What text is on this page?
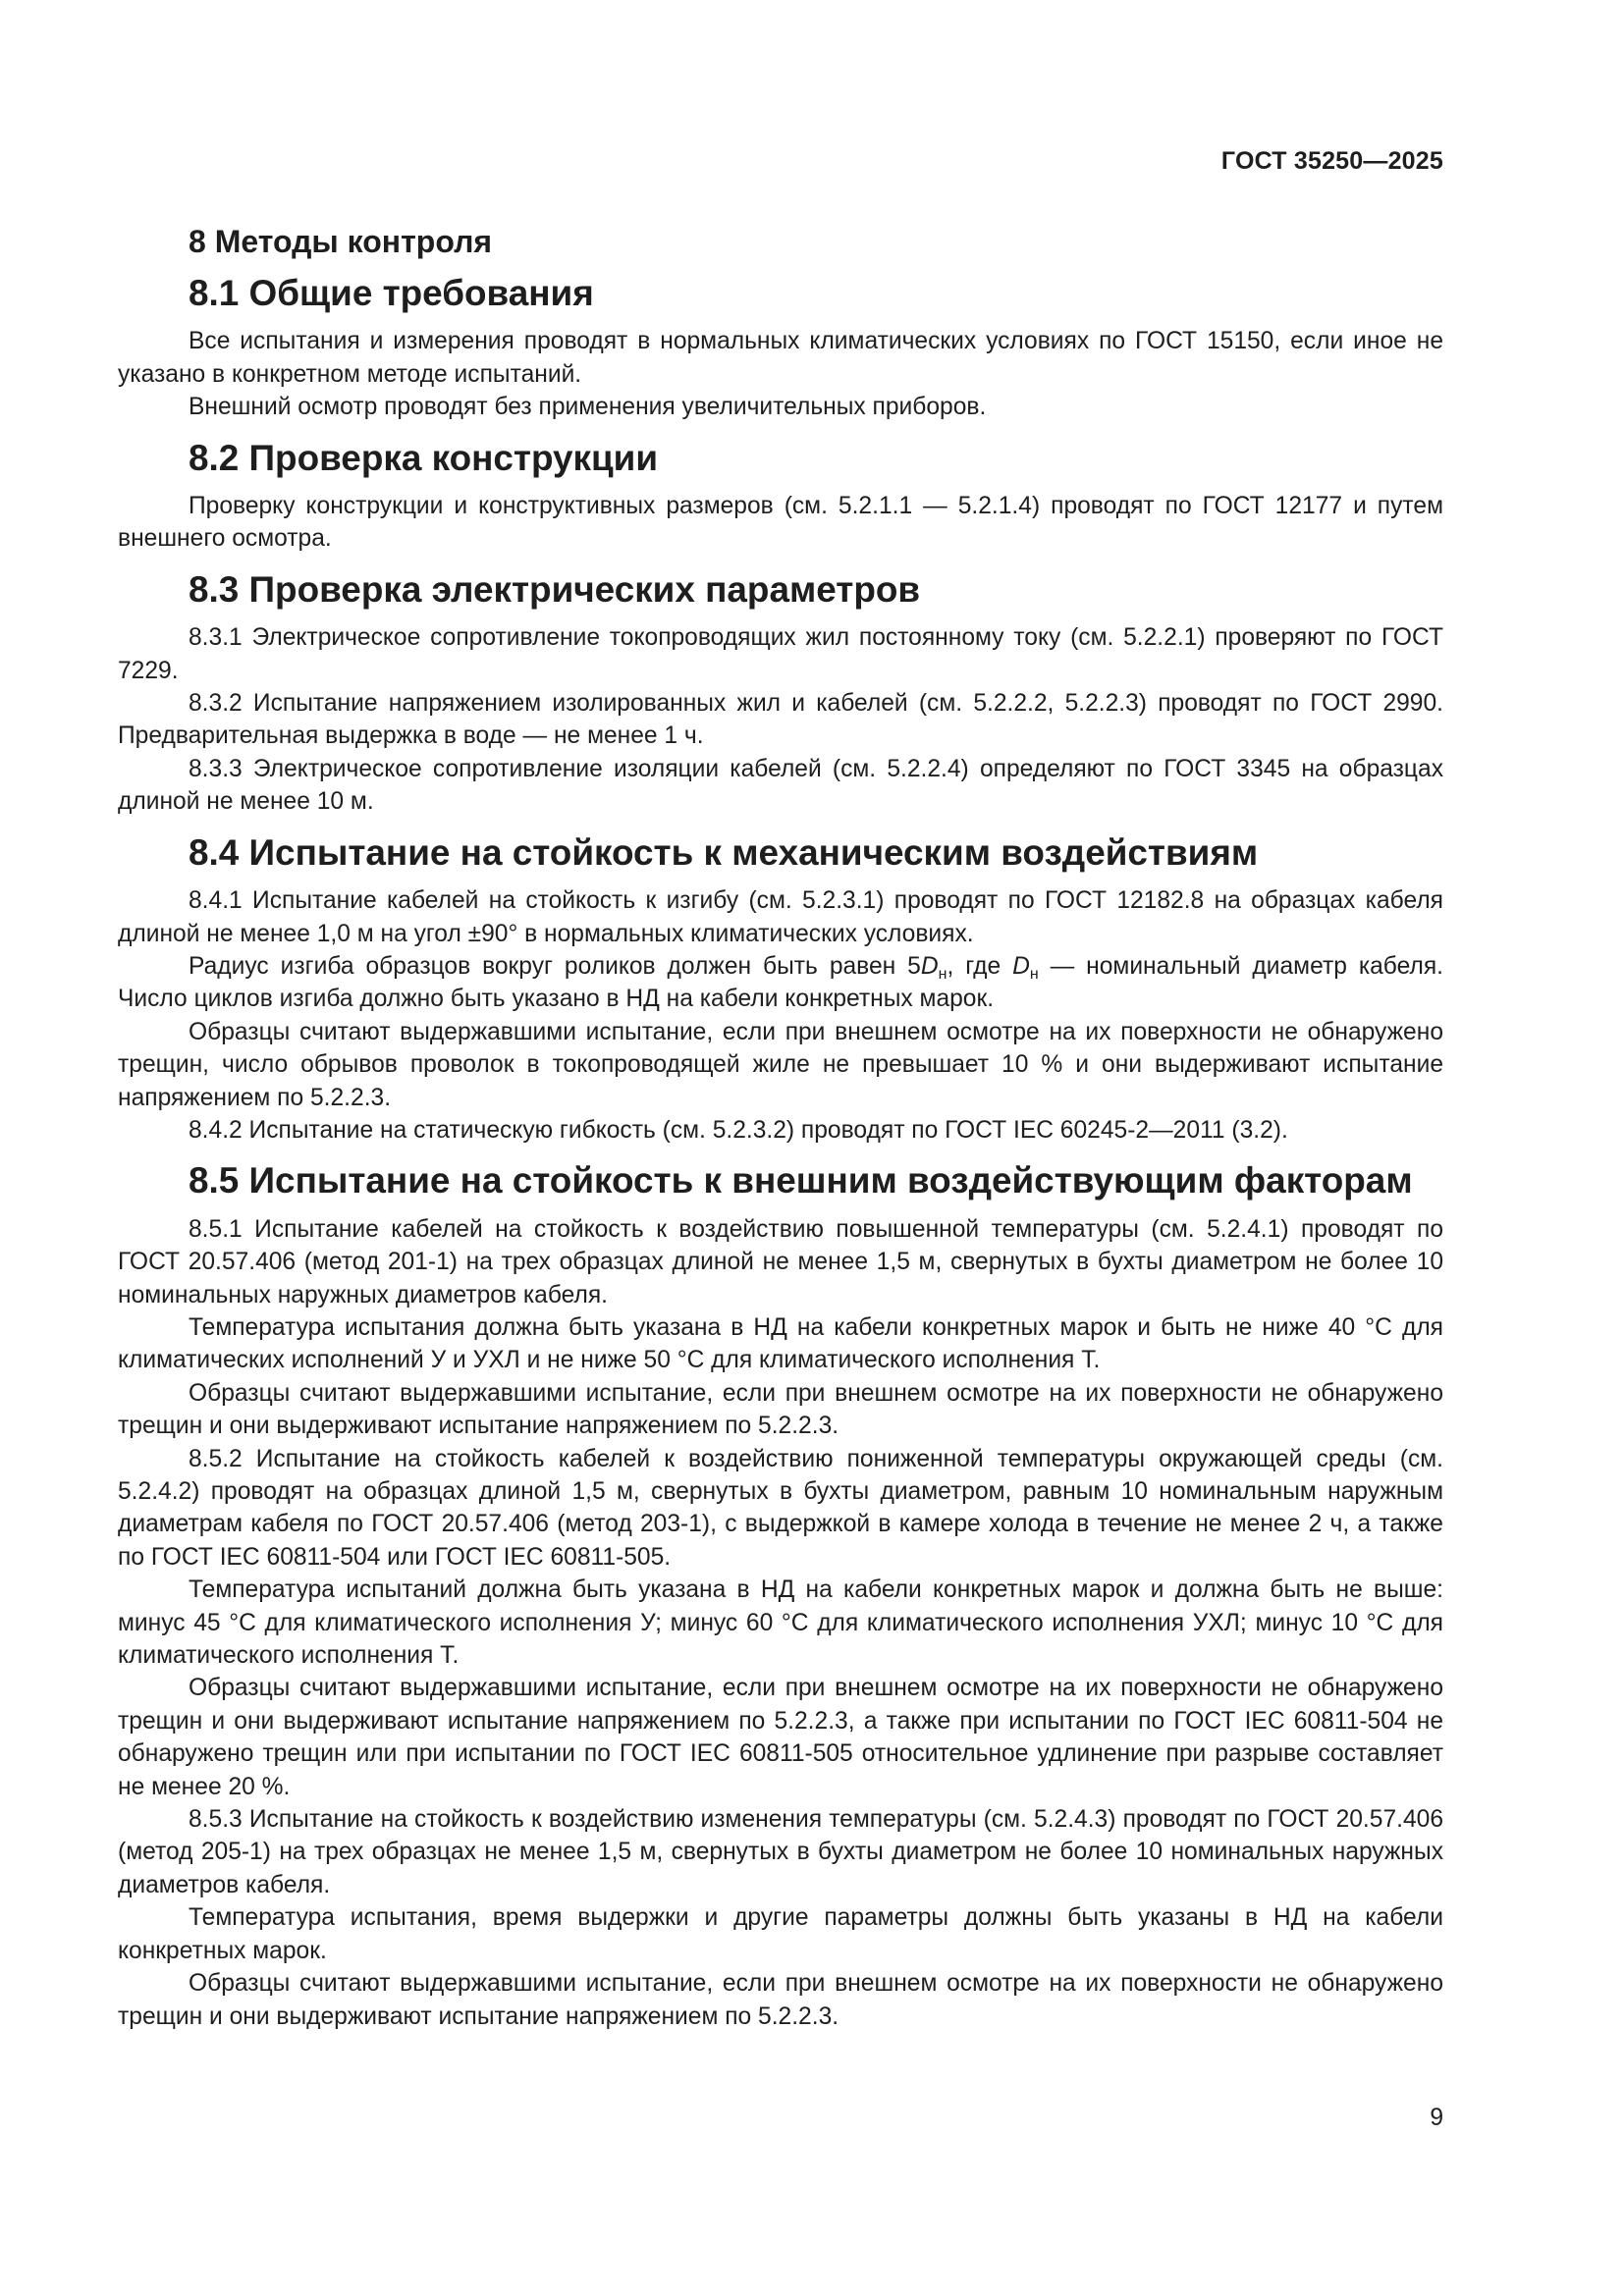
ГОСТ 35250—2025
8 Методы контроля
8.1 Общие требования

Все испытания и измерения проводят в нормальных климатических условиях по ГОСТ 15150, если иное не указано в конкретном методе испытаний.

Внешний осмотр проводят без применения увеличительных приборов.

8.2 Проверка конструкции

Проверку конструкции и конструктивных размеров (см. 5.2.1.1 — 5.2.1.4) проводят по ГОСТ 12177 и путем внешнего осмотра.

8.3 Проверка электрических параметров

8.3.1 Электрическое сопротивление токопроводящих жил постоянному току (см. 5.2.2.1) проверяют по ГОСТ 7229.

8.3.2 Испытание напряжением изолированных жил и кабелей (см. 5.2.2.2, 5.2.2.3) проводят по ГОСТ 2990. Предварительная выдержка в воде — не менее 1 ч.

8.3.3 Электрическое сопротивление изоляции кабелей (см. 5.2.2.4) определяют по ГОСТ 3345 на образцах длиной не менее 10 м.

8.4 Испытание на стойкость к механическим воздействиям

8.4.1 Испытание кабелей на стойкость к изгибу (см. 5.2.3.1) проводят по ГОСТ 12182.8 на образцах кабеля длиной не менее 1,0 м на угол ±90° в нормальных климатических условиях.

Радиус изгиба образцов вокруг роликов должен быть равен $5D_н$, где $D_н$ — номинальный диаметр кабеля. Число циклов изгиба должно быть указано в НД на кабели конкретных марок.

Образцы считают выдержавшими испытание, если при внешнем осмотре на их поверхности не обнаружено трещин, число обрывов проволок в токопроводящей жиле не превышает 10 % и они выдерживают испытание напряжением по 5.2.2.3.

8.4.2 Испытание на статическую гибкость (см. 5.2.3.2) проводят по ГОСТ IEC 60245-2—2011 (3.2).

8.5 Испытание на стойкость к внешним воздействующим факторам

8.5.1 Испытание кабелей на стойкость к воздействию повышенной температуры (см. 5.2.4.1) проводят по ГОСТ 20.57.406 (метод 201-1) на трех образцах длиной не менее 1,5 м, свернутых в бухты диаметром не более 10 номинальных наружных диаметров кабеля.

Температура испытания должна быть указана в НД на кабели конкретных марок и быть не ниже 40 °С для климатических исполнений У и УХЛ и не ниже 50 °С для климатического исполнения Т.

Образцы считают выдержавшими испытание, если при внешнем осмотре на их поверхности не обнаружено трещин и они выдерживают испытание напряжением по 5.2.2.3.

8.5.2 Испытание на стойкость кабелей к воздействию пониженной температуры окружающей среды (см. 5.2.4.2) проводят на образцах длиной 1,5 м, свернутых в бухты диаметром, равным 10 номинальным наружным диаметрам кабеля по ГОСТ 20.57.406 (метод 203-1), с выдержкой в камере холода в течение не менее 2 ч, а также по ГОСТ IEC 60811-504 или ГОСТ IEC 60811-505.

Температура испытаний должна быть указана в НД на кабели конкретных марок и должна быть не выше: минус 45 °С для климатического исполнения У; минус 60 °С для климатического исполнения УХЛ; минус 10 °С для климатического исполнения Т.

Образцы считают выдержавшими испытание, если при внешнем осмотре на их поверхности не обнаружено трещин и они выдерживают испытание напряжением по 5.2.2.3, а также при испытании по ГОСТ IEC 60811-504 не обнаружено трещин или при испытании по ГОСТ IEC 60811-505 относительное удлинение при разрыве составляет не менее 20 %.

8.5.3 Испытание на стойкость к воздействию изменения температуры (см. 5.2.4.3) проводят по ГОСТ 20.57.406 (метод 205-1) на трех образцах не менее 1,5 м, свернутых в бухты диаметром не более 10 номинальных наружных диаметров кабеля.

Температура испытания, время выдержки и другие параметры должны быть указаны в НД на кабели конкретных марок.

Образцы считают выдержавшими испытание, если при внешнем осмотре на их поверхности не обнаружено трещин и они выдерживают испытание напряжением по 5.2.2.3.

9
